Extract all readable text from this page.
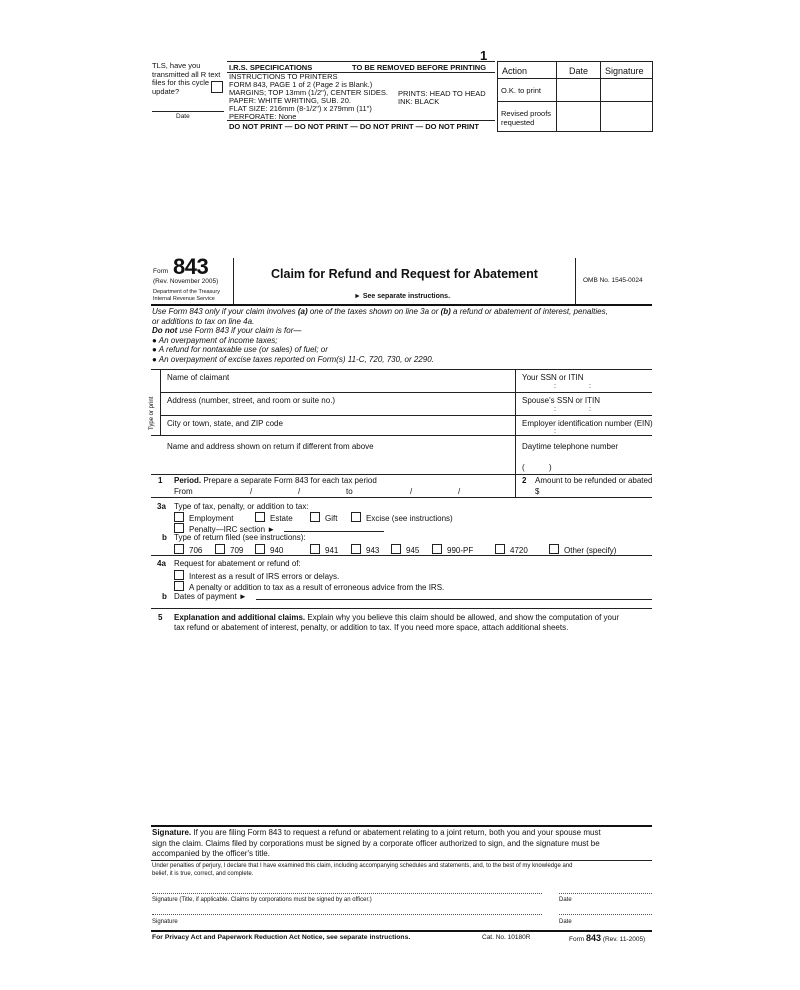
1
TLS, have you transmitted all R text files for this cycle update?
Date
I.R.S. SPECIFICATIONS	TO BE REMOVED BEFORE PRINTING
INSTRUCTIONS TO PRINTERS
FORM 843, PAGE 1 of 2 (Page 2 is Blank.)
MARGINS; TOP 13mm (1/2"), CENTER SIDES.
PAPER: WHITE WRITING, SUB. 20.
FLAT SIZE: 216mm (8-1/2") x 279mm (11")
PERFORATE: None
PRINTS: HEAD TO HEAD
INK: BLACK
DO NOT PRINT — DO NOT PRINT — DO NOT PRINT — DO NOT PRINT
Action	Date Signature
O.K. to print
Revised proofs requested
Form 843
(Rev. November 2005)
Department of the Treasury
Internal Revenue Service
Claim for Refund and Request for Abatement
► See separate instructions.
OMB No. 1545-0024
Use Form 843 only if your claim involves (a) one of the taxes shown on line 3a or (b) a refund or abatement of interest, penalties,
or additions to tax on line 4a.
Do not use Form 843 if your claim is for—
● An overpayment of income taxes;
● A refund for nontaxable use (or sales) of fuel; or
● An overpayment of excise taxes reported on Form(s) 11-C, 720, 730, or 2290.
Type or print
Name of claimant	Your SSN or ITIN
:	:
Address (number, street, and room or suite no.)	Spouse's SSN or ITIN
:	:
City or town, state, and ZIP code	Employer identification number (EIN)
:
Name and address shown on return if different from above	Daytime telephone number
(	)
1 Period. Prepare a separate Form 843 for each tax period
From	/	/	to	/	/
2 Amount to be refunded or abated
$
3a Type of tax, penalty, or addition to tax:
Employment	Estate	Gift	Excise (see instructions)
Penalty—IRC section ►
b Type of return filed (see instructions):
706	709	940	941	943	945	990-PF	4720	Other (specify)
4a Request for abatement or refund of:
Interest as a result of IRS errors or delays.
A penalty or addition to tax as a result of erroneous advice from the IRS.
b Dates of payment ►
5 Explanation and additional claims. Explain why you believe this claim should be allowed, and show the computation of your
tax refund or abatement of interest, penalty, or addition to tax. If you need more space, attach additional sheets.
Signature. If you are filing Form 843 to request a refund or abatement relating to a joint return, both you and your spouse must
sign the claim. Claims filed by corporations must be signed by a corporate officer authorized to sign, and the signature must be
accompanied by the officer's title.
Under penalties of perjury, I declare that I have examined this claim, including accompanying schedules and statements, and, to the best of my knowledge and
belief, it is true, correct, and complete.
Signature (Title, if applicable. Claims by corporations must be signed by an officer.)	Date
Signature	Date
For Privacy Act and Paperwork Reduction Act Notice, see separate instructions.	Cat. No. 10180R	Form 843 (Rev. 11-2005)
